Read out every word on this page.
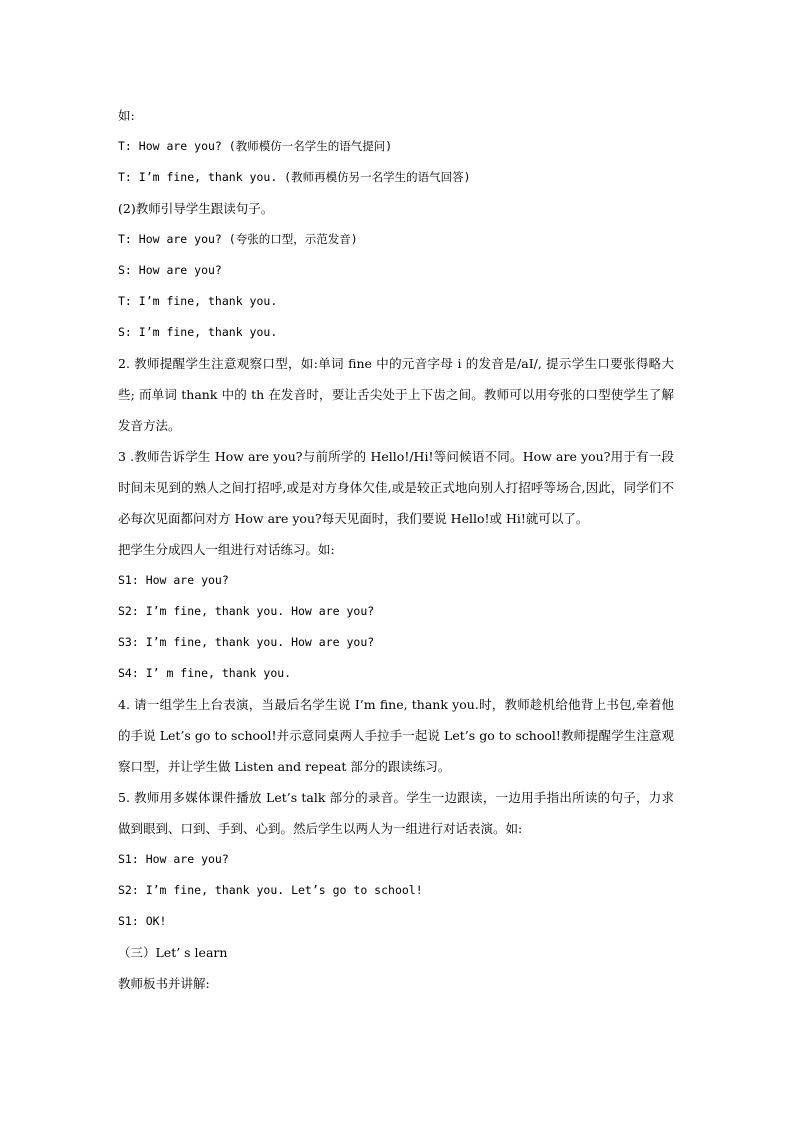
如:

T: How are you? (教师模仿一名学生的语气提问)

T: I’m fine, thank you. (教师再模仿另一名学生的语气回答)

(2)教师引导学生跟读句子。

T: How are you? (夸张的口型，示范发音)

S: How are you?

T: I’m fine, thank you.

S: I’m fine, thank you.

2. 教师提醒学生注意观察口型，如:单词 fine 中的元音字母 i 的发音是/aI/, 提示学生口要张得略大些; 而单词 thank 中的 th 在发音时，要让舌尖处于上下齿之间。教师可以用夸张的口型使学生了解发音方法。

3 .教师告诉学生 How are you?与前所学的 Hello!/Hi!等问候语不同。How are you?用于有一段时间未见到的熟人之间打招呼,或是对方身体欠佳,或是较正式地向别人打招呼等场合,因此，同学们不必每次见面都问对方 How are you?每天见面时，我们要说 Hello!或 Hi!就可以了。

把学生分成四人一组进行对话练习。如:

S1: How are you?

S2: I’m fine, thank you. How are you?

S3: I’m fine, thank you. How are you?

S4: I’ m fine, thank you.

4. 请一组学生上台表演，当最后名学生说 I’m fine, thank you.时，教师趁机给他背上书包,牵着他的手说 Let’s go to school!并示意同桌两人手拉手一起说 Let’s go to school!教师提醒学生注意观察口型，并让学生做 Listen and repeat 部分的跟读练习。

5. 教师用多媒体课件播放 Let’s talk 部分的录音。学生一边跟读，一边用手指出所读的句子，力求做到眼到、口到、手到、心到。然后学生以两人为一组进行对话表演。如:

S1: How are you?

S2: I’m fine, thank you. Let’s go to school!

S1: OK!

（三）Let’ s learn

教师板书并讲解:
